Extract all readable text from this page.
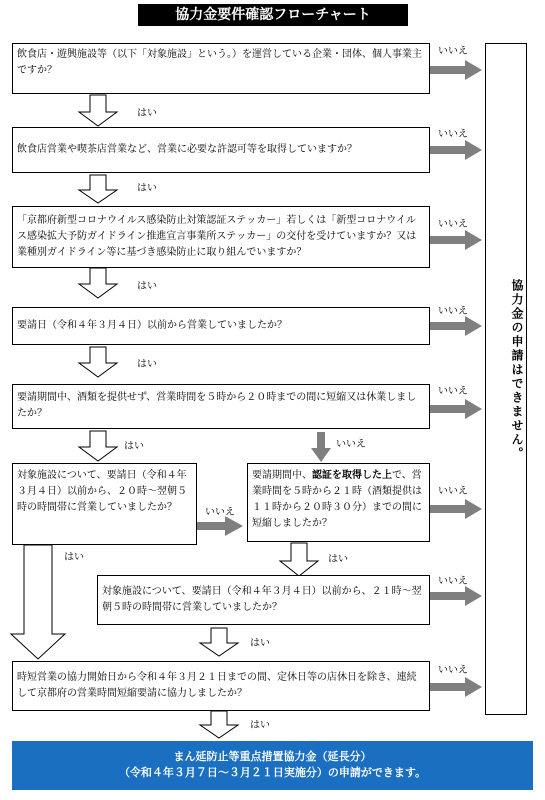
協力金要件確認フローチャート
飲食店・遊興施設等（以下「対象施設」という。）を運営している企業・団体、個人事業主ですか？
飲食店営業や喫茶店営業など、営業に必要な許認可等を取得していますか？
「京都府新型コロナウイルス感染防止対策認証ステッカー」若しくは「新型コロナウイルス感染拡大予防ガイドライン推進宣言事業所ステッカー」の交付を受けていますか？又は業種別ガイドライン等に基づき感染防止に取り組んでいますか？
要請日（令和４年３月４日）以前から営業していましたか？
要請期間中、酒類を提供せず、営業時間を５時から２０時までの間に短縮又は休業しましたか？
対象施設について、要請日（令和４年３月４日）以前から、２０時～翌朝５時の時間帯に営業していましたか？
要請期間中、認証を取得した上で、営業時間を５時から２１時（酒類提供は１１時から２０時３０分）までの間に短縮しましたか？
対象施設について、要請日（令和４年３月４日）以前から、２１時～翌朝５時の時間帯に営業していましたか？
時短営業の協力開始日から令和４年３月２１日までの間、定休日等の店休日を除き、連続して京都府の営業時間短縮要請に協力しましたか？
いいえ
いいえ
いいえ
いいえ
いいえ
いいえ
いいえ
いいえ
いいえ
いいえ
はい
はい
はい
はい
はい
はい	はい
はい
はい
協力金の申請はできません。
まん延防止等重点措置協力金（延長分）
（令和４年３月７日～３月２１日実施分）の申請ができます。
